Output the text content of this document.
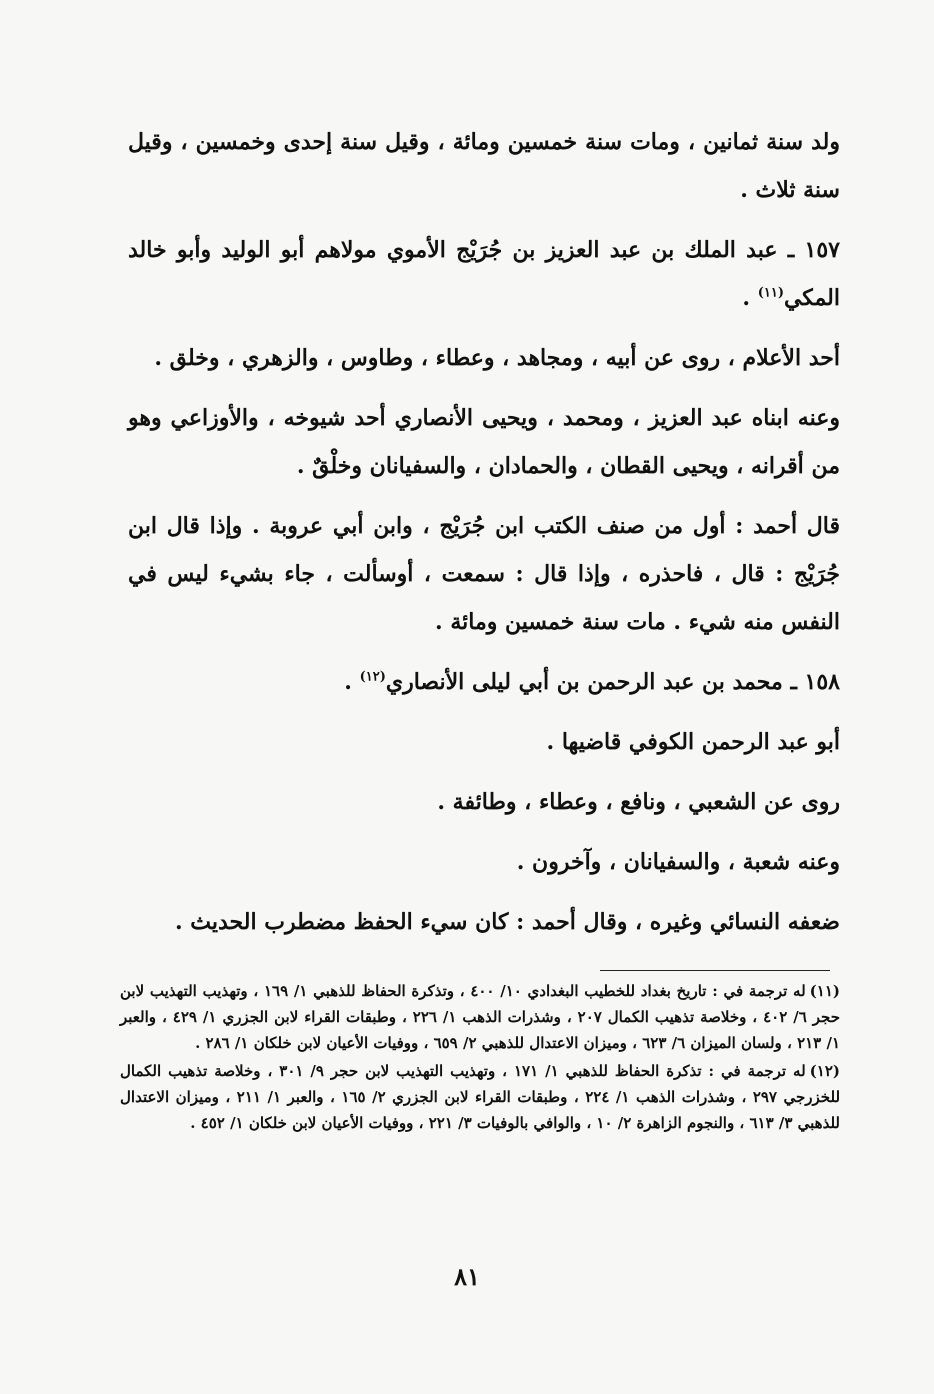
ولد سنة ثمانين ، ومات سنة خمسين ومائة ، وقيل سنة إحدى وخمسين ، وقيل سنة ثلاث .

١٥٧ ـ عبد الملك بن عبد العزيز بن جُرَيْج الأموي مولاهم أبو الوليد وأبو خالد المكي$^{(١١)}$ .

أحد الأعلام ، روى عن أبيه ، ومجاهد ، وعطاء ، وطاوس ، والزهري ، وخلق .

وعنه ابناه عبد العزيز ، ومحمد ، ويحيى الأنصاري أحد شيوخه ، والأوزاعي وهو من أقرانه ، ويحيى القطان ، والحمادان ، والسفيانان وخلْقٌ .

قال أحمد : أول من صنف الكتب ابن جُرَيْج ، وابن أبي عروبة . وإذا قال ابن جُرَيْج : قال ، فاحذره ، وإذا قال : سمعت ، أوسألت ، جاء بشيء ليس في النفس منه شيء . مات سنة خمسين ومائة .

١٥٨ ـ محمد بن عبد الرحمن بن أبي ليلى الأنصاري$^{(١٢)}$ .

أبو عبد الرحمن الكوفي قاضيها .

روى عن الشعبي ، ونافع ، وعطاء ، وطائفة .

وعنه شعبة ، والسفيانان ، وآخرون .

ضعفه النسائي وغيره ، وقال أحمد : كان سيء الحفظ مضطرب الحديث .

(١١)له ترجمة في : تاريخ بغداد للخطيب البغدادي ١٠/ ٤٠٠ ، وتذكرة الحفاظ للذهبي ١/ ١٦٩ ، وتهذيب التهذيب لابن حجر ٦/ ٤٠٢ ، وخلاصة تذهيب الكمال ٢٠٧ ، وشذرات الذهب ١/ ٢٢٦ ، وطبقات القراء لابن الجزري ١/ ٤٢٩ ، والعبر ١/ ٢١٣ ، ولسان الميزان ٦/ ٦٢٣ ، وميزان الاعتدال للذهبي ٢/ ٦٥٩ ، ووفيات الأعيان لابن خلكان ١/ ٢٨٦ .

(١٢)له ترجمة في : تذكرة الحفاظ للذهبي ١/ ١٧١ ، وتهذيب التهذيب لابن حجر ٩/ ٣٠١ ، وخلاصة تذهيب الكمال للخزرجي ٢٩٧ ، وشذرات الذهب ١/ ٢٢٤ ، وطبقات القراء لابن الجزري ٢/ ١٦٥ ، والعبر ١/ ٢١١ ، وميزان الاعتدال للذهبي ٣/ ٦١٣ ، والنجوم الزاهرة ٢/ ١٠ ، والوافي بالوفيات ٣/ ٢٢١ ، ووفيات الأعيان لابن خلكان ١/ ٤٥٢ .

٨١
